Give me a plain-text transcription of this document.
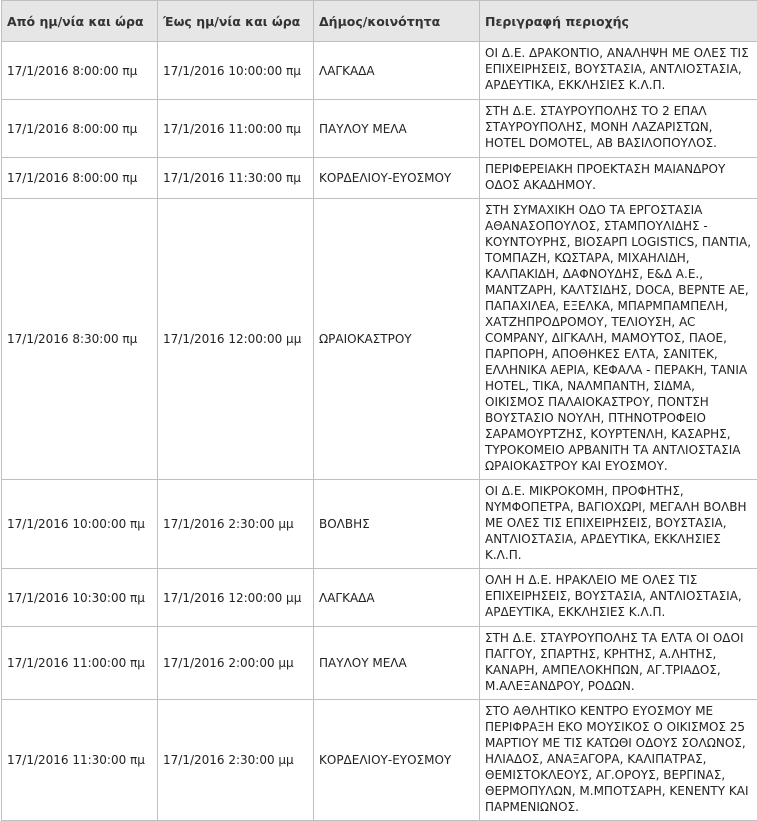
Από ημ/νία και ώρα	Έως ημ/νία και ώρα	Δήμος/κοινότητα	Περιγραφή περιοχής
17/1/2016 8:00:00 πμ	17/1/2016 10:00:00 πμ	ΛΑΓΚΑΔΑ	ΟΙ Δ.Ε. ΔΡΑΚΟΝΤΙΟ, ΑΝΑΛΗΨΗ ΜΕ ΟΛΕΣ ΤΙΣ ΕΠΙΧΕΙΡΗΣΕΙΣ, ΒΟΥΣΤΑΣΙΑ, ΑΝΤΛΙΟΣΤΑΣΙΑ, ΑΡΔΕΥΤΙΚΑ, ΕΚΚΛΗΣΙΕΣ Κ.Λ.Π.
17/1/2016 8:00:00 πμ	17/1/2016 11:00:00 πμ	ΠΑΥΛΟΥ ΜΕΛΑ	ΣΤΗ Δ.Ε. ΣΤΑΥΡΟΥΠΟΛΗΣ ΤΟ 2 ΕΠΑΛ ΣΤΑΥΡΟΥΠΟΛΗΣ, ΜΟΝΗ ΛΑΖΑΡΙΣΤΩΝ, HOTEL DOMOTEL, ΑΒ ΒΑΣΙΛΟΠΟΥΛΟΣ.
17/1/2016 8:00:00 πμ	17/1/2016 11:30:00 πμ	ΚΟΡΔΕΛΙΟΥ-ΕΥΟΣΜΟΥ	ΠΕΡΙΦΕΡΕΙΑΚΗ ΠΡΟΕΚΤΑΣΗ ΜΑΙΑΝΔΡΟΥ ΟΔΟΣ ΑΚΑΔΗΜΟΥ.
17/1/2016 8:30:00 πμ	17/1/2016 12:00:00 μμ	ΩΡΑΙΟΚΑΣΤΡΟΥ	ΣΤΗ ΣΥΜΑΧΙΚΗ ΟΔΟ ΤΑ ΕΡΓΟΣΤΑΣΙΑ ΑΘΑΝΑΣΟΠΟΥΛΟΣ, ΣΤΑΜΠΟΥΛΙΔΗΣ - ΚΟΥΝΤΟΥΡΗΣ, ΒΙΟΣΑΡΠ LOGISTICS, ΠΑΝΤΙΑ, ΤΟΜΠΑΖΗ, ΚΩΣΤΑΡΑ, ΜΙΧΑΗΛΙΔΗ, ΚΑΛΠΑΚΙΔΗ, ΔΑΦΝΟΥΔΗΣ, Ε&Δ Α.Ε., ΜΑΝΤΖΑΡΗ, ΚΑΛΤΣΙΔΗΣ, DOCA, ΒΕΡΝΤΕ ΑΕ, ΠΑΠΑΧΙΛΕΑ, ΕΞΕΛΚΑ, ΜΠΑΡΜΠΑΜΠΕΛΗ, ΧΑΤΖΗΠΡΟΔΡΟΜΟΥ, ΤΕΛΙΟΥΣΗ, AC COMPANY, ΔΙΓΚΑΛΗ, ΜΑΜΟΥΤΟΣ, ΠΑΟΕ, ΠΑΡΠΟΡΗ, ΑΠΟΘΗΚΕΣ ΕΛΤΑ, ΣΑΝΙΤΕΚ, ΕΛΛΗΝΙΚΑ ΑΕΡΙΑ, ΚΕΦΑΛΑ - ΠΕΡΑΚΗ, ΤΑΝΙΑ HOTEL, ΤΙΚΑ, ΝΑΛΜΠΑΝΤΗ, ΣΙΔΜΑ, ΟΙΚΙΣΜΟΣ ΠΑΛΑΙΟΚΑΣΤΡΟΥ, ΠΟΝΤΣΗ ΒΟΥΣΤΑΣΙΟ ΝΟΥΛΗ, ΠΤΗΝΟΤΡΟΦΕΙΟ ΣΑΡΑΜΟΥΡΤΖΗΣ, ΚΟΥΡΤΕΝΛΗ, ΚΑΣΑΡΗΣ, ΤΥΡΟΚΟΜΕΙΟ ΑΡΒΑΝΙΤΗ ΤΑ ΑΝΤΛΙΟΣΤΑΣΙΑ ΩΡΑΙΟΚΑΣΤΡΟΥ ΚΑΙ ΕΥΟΣΜΟΥ.
17/1/2016 10:00:00 πμ	17/1/2016 2:30:00 μμ	ΒΟΛΒΗΣ	ΟΙ Δ.Ε. ΜΙΚΡΟΚΟΜΗ, ΠΡΟΦΗΤΗΣ, ΝΥΜΦΟΠΕΤΡΑ, ΒΑΓΙΟΧΩΡΙ, ΜΕΓΑΛΗ ΒΟΛΒΗ ΜΕ ΟΛΕΣ ΤΙΣ ΕΠΙΧΕΙΡΗΣΕΙΣ, ΒΟΥΣΤΑΣΙΑ, ΑΝΤΛΙΟΣΤΑΣΙΑ, ΑΡΔΕΥΤΙΚΑ, ΕΚΚΛΗΣΙΕΣ Κ.Λ.Π.
17/1/2016 10:30:00 πμ	17/1/2016 12:00:00 μμ	ΛΑΓΚΑΔΑ	ΟΛΗ Η Δ.Ε. ΗΡΑΚΛΕΙΟ ΜΕ ΟΛΕΣ ΤΙΣ ΕΠΙΧΕΙΡΗΣΕΙΣ, ΒΟΥΣΤΑΣΙΑ, ΑΝΤΛΙΟΣΤΑΣΙΑ, ΑΡΔΕΥΤΙΚΑ, ΕΚΚΛΗΣΙΕΣ Κ.Λ.Π.
17/1/2016 11:00:00 πμ	17/1/2016 2:00:00 μμ	ΠΑΥΛΟΥ ΜΕΛΑ	ΣΤΗ Δ.Ε. ΣΤΑΥΡΟΥΠΟΛΗΣ ΤΑ ΕΛΤΑ ΟΙ ΟΔΟΙ ΠΑΓΓΟΥ, ΣΠΑΡΤΗΣ, ΚΡΗΤΗΣ, Α.ΛΗΤΗΣ, ΚΑΝΑΡΗ, ΑΜΠΕΛΟΚΗΠΩΝ, ΑΓ.ΤΡΙΑΔΟΣ, Μ.ΑΛΕΞΑΝΔΡΟΥ, ΡΟΔΩΝ.
17/1/2016 11:30:00 πμ	17/1/2016 2:30:00 μμ	ΚΟΡΔΕΛΙΟΥ-ΕΥΟΣΜΟΥ	ΣΤΟ ΑΘΛΗΤΙΚΟ ΚΕΝΤΡΟ ΕΥΟΣΜΟΥ ΜΕ ΠΕΡΙΦΡΑΞΗ ΕΚΟ ΜΟΥΣΙΚΟΣ Ο ΟΙΚΙΣΜΟΣ 25 ΜΑΡΤΙΟΥ ΜΕ ΤΙΣ ΚΑΤΩΘΙ ΟΔΟΥΣ ΣΟΛΩΝΟΣ, ΗΛΙΑΔΟΣ, ΑΝΑΞΑΓΟΡΑ, ΚΑΛΙΠΑΤΡΑΣ, ΘΕΜΙΣΤΟΚΛΕΟΥΣ, ΑΓ.ΟΡΟΥΣ, ΒΕΡΓΙΝΑΣ, ΘΕΡΜΟΠΥΛΩΝ, Μ.ΜΠΟΤΣΑΡΗ, ΚΕΝΕΝΤΥ ΚΑΙ ΠΑΡΜΕΝΙΩΝΟΣ.
